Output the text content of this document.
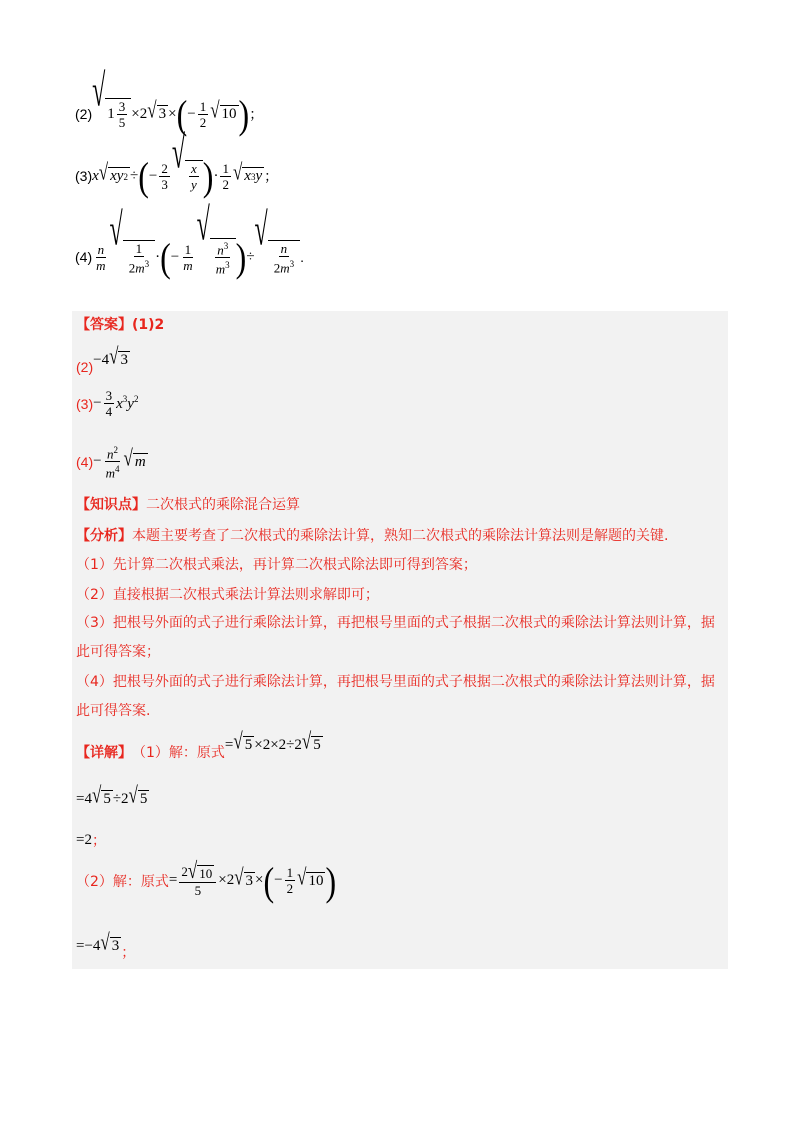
(2) √ $1 \frac{3}{5} \times 2$ √ 3 × ( − $\frac{1}{2}$ √ 10 ) ；
(3) x √ xy 2 ÷ ( − $\frac{2}{3}$ √ $\frac{x}{y}$ ) · $\frac{1}{2}$ √ x 3 y ；
$(4) \frac{n}{m}$
√
$\frac{1}{2m^3}$ · ( − $\frac{1}{m}$
√
$\frac{n^3}{m^3}$ ) ÷
√
$\frac{n}{2m^3}$ .
【答案】(1)2
(2) −4 √ 3
$(3) - \frac{3}{4} x^3y^2$
$(4) - \frac{n^2}{m^4}$ √ m
【知识点】二次根式的乘除混合运算
【分析】本题主要考查了二次根式的乘除法计算，熟知二次根式的乘除法计算法则是解题的关键.
（1）先计算二次根式乘法，再计算二次根式除法即可得到答案；
（2）直接根据二次根式乘法计算法则求解即可；
（3）把根号外面的式子进行乘除法计算，再把根号里面的式子根据二次根式的乘除法计算法则计算，据
此可得答案；
（4）把根号外面的式子进行乘除法计算，再把根号里面的式子根据二次根式的乘除法计算法则计算，据
此可得答案.
【详解】 （1）解：原式
= √ 5 ×2×2÷2 √ 5
=4 √ 5 ÷2 √ 5
=2 ；
（2）解：原式 = $\frac{2 √ 10}{5} \times 2$ √ 3 × ( − $\frac{1}{2}$ √ 10 )
=−4 √ 3 ；
